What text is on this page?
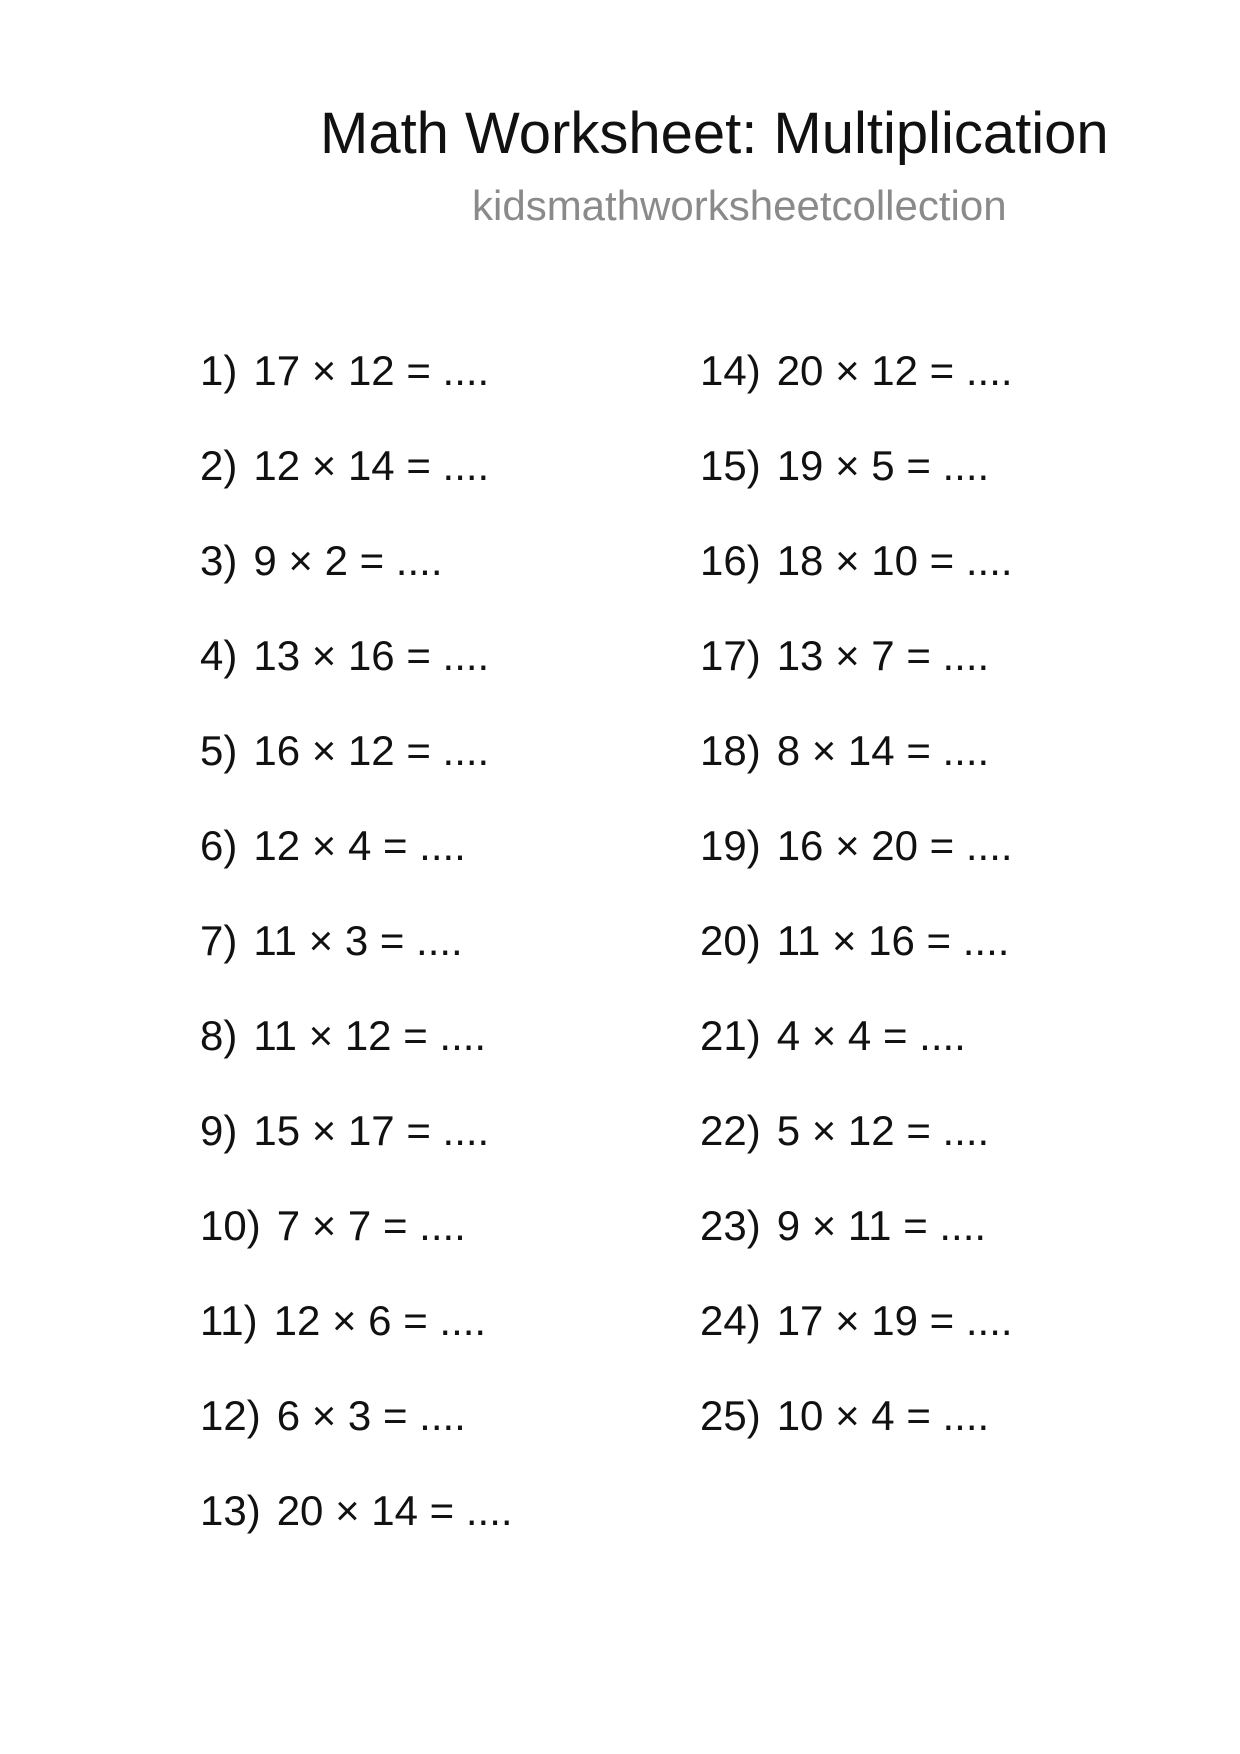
Math Worksheet: Multiplication
kidsmathworksheetcollection
1) 17 × 12 = ....
2) 12 × 14 = ....
3) 9 × 2 = ....
4) 13 × 16 = ....
5) 16 × 12 = ....
6) 12 × 4 = ....
7) 11 × 3 = ....
8) 11 × 12 = ....
9) 15 × 17 = ....
10) 7 × 7 = ....
11) 12 × 6 = ....
12) 6 × 3 = ....
13) 20 × 14 = ....
14) 20 × 12 = ....
15) 19 × 5 = ....
16) 18 × 10 = ....
17) 13 × 7 = ....
18) 8 × 14 = ....
19) 16 × 20 = ....
20) 11 × 16 = ....
21) 4 × 4 = ....
22) 5 × 12 = ....
23) 9 × 11 = ....
24) 17 × 19 = ....
25) 10 × 4 = ....
